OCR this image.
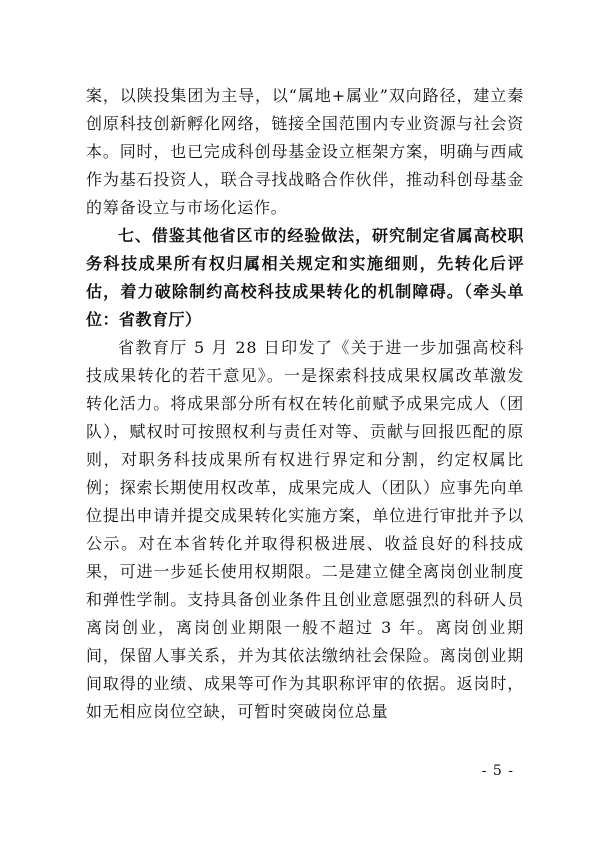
案，以陕投集团为主导，以“属地+属业”双向路径，建立秦创原科技创新孵化网络，链接全国范围内专业资源与社会资本。同时，也已完成科创母基金设立框架方案，明确与西咸作为基石投资人，联合寻找战略合作伙伴，推动科创母基金的筹备设立与市场化运作。

七、借鉴其他省区市的经验做法，研究制定省属高校职务科技成果所有权归属相关规定和实施细则，先转化后评估，着力破除制约高校科技成果转化的机制障碍。（牵头单位：省教育厅）

省教育厅 5 月 28 日印发了《关于进一步加强高校科技成果转化的若干意见》。一是探索科技成果权属改革激发转化活力。将成果部分所有权在转化前赋予成果完成人（团队），赋权时可按照权利与责任对等、贡献与回报匹配的原则，对职务科技成果所有权进行界定和分割，约定权属比例；探索长期使用权改革，成果完成人（团队）应事先向单位提出申请并提交成果转化实施方案，单位进行审批并予以公示。对在本省转化并取得积极进展、收益良好的科技成果，可进一步延长使用权期限。二是建立健全离岗创业制度和弹性学制。支持具备创业条件且创业意愿强烈的科研人员离岗创业，离岗创业期限一般不超过 3 年。离岗创业期间，保留人事关系，并为其依法缴纳社会保险。离岗创业期间取得的业绩、成果等可作为其职称评审的依据。返岗时，如无相应岗位空缺，可暂时突破岗位总量

- 5 -
